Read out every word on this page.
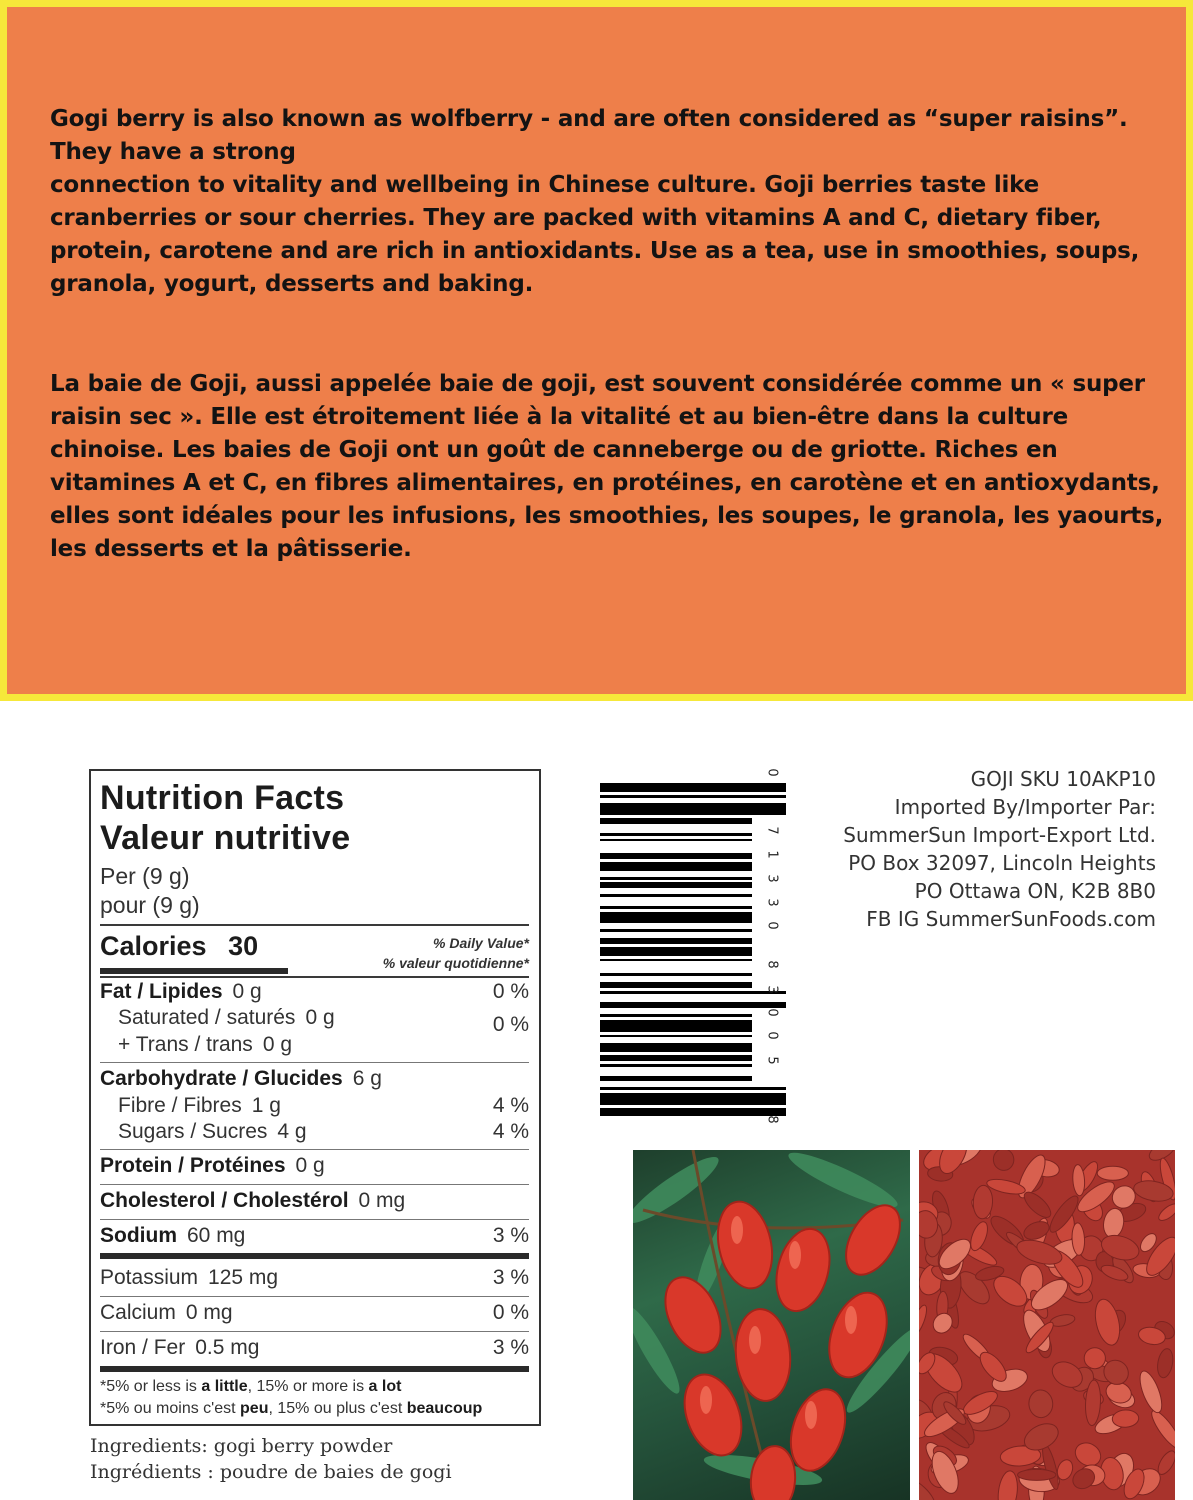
Gogi berry is also known as wolfberry - and are often considered as “super raisins”.
They have a strong
connection to vitality and wellbeing in Chinese culture. Goji berries taste like
cranberries or sour cherries. They are packed with vitamins A and C, dietary fiber,
protein, carotene and are rich in antioxidants. Use as a tea, use in smoothies, soups,
granola, yogurt, desserts and baking.
La baie de Goji, aussi appelée baie de goji, est souvent considérée comme un « super
raisin sec ». Elle est étroitement liée à la vitalité et au bien-être dans la culture
chinoise. Les baies de Goji ont un goût de canneberge ou de griotte. Riches en
vitamines A et C, en fibres alimentaires, en protéines, en carotène et en antioxydants,
elles sont idéales pour les infusions, les smoothies, les soupes, le granola, les yaourts,
les desserts et la pâtisserie.
Nutrition Facts
Valeur nutritive
Per (9 g)
pour (9 g)
Calories 30	% Daily Value*
% valeur quotidienne*
Fat / Lipides 0 g	0 %
Saturated / saturés 0 g	0 %
+ Trans / trans 0 g
Carbohydrate / Glucides 6 g
Fibre / Fibres 1 g	4 %
Sugars / Sucres 4 g	4 %
Protein / Protéines 0 g
Cholesterol / Cholestérol 0 mg
Sodium 60 mg	3 %
Potassium 125 mg	3 %
Calcium 0 mg	0 %
Iron / Fer 0.5 mg	3 %
*5% or less is a little, 15% or more is a lot
*5% ou moins c'est peu, 15% ou plus c'est beaucoup
Ingredients: gogi berry powder
Ingrédients : poudre de baies de gogi
0
7
1
3
3
0
8
3
0
0
5
8
GOJI SKU 10AKP10
Imported By/Importer Par:
SummerSun Import-Export Ltd.
PO Box 32097, Lincoln Heights
PO Ottawa ON, K2B 8B0
FB IG SummerSunFoods.com
